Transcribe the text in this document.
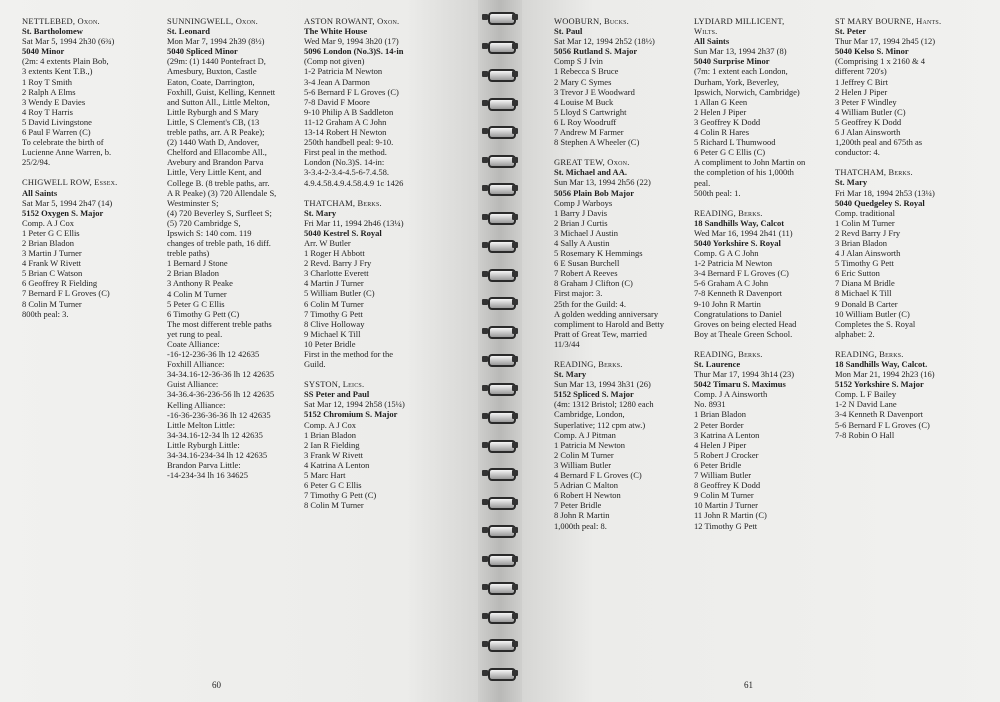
NETTLEBED, Oxon.
St. Bartholomew
Sat Mar 5, 1994 2h30 (6¾)
5040 Minor
(2m: 4 extents Plain Bob,
3 extents Kent T.B.,)
1 Roy T Smith
2 Ralph A Elms
3 Wendy E Davies
4 Roy T Harris
5 David Livingstone
6 Paul F Warren (C)
To celebrate the birth of
Lucienne Anne Warren, b.
25/2/94.
CHIGWELL ROW, Essex.
All Saints
Sat Mar 5, 1994 2h47 (14)
5152 Oxygen S. Major
Comp. A J Cox
1 Peter G C Ellis
2 Brian Bladon
3 Martin J Turner
4 Frank W Rivett
5 Brian C Watson
6 Geoffrey R Fielding
7 Bernard F L Groves (C)
8 Colin M Turner
800th peal: 3.
SUNNINGWELL, Oxon.
St. Leonard
Mon Mar 7, 1994 2h39 (8½)
5040 Spliced Minor
(29m: (1) 1440 Pontefract D,
Amesbury, Buxton, Castle
Eaton, Coate, Darrington,
Foxhill, Guist, Kelling, Kennett
and Sutton All., Little Melton,
Little Ryburgh and S Mary
Little, S Clement's CB, (13
treble paths, arr. A R Peake);
(2) 1440 Wath D, Andover,
Chelford and Ellacombe All.,
Avebury and Brandon Parva
Little, Very Little Kent, and
College B. (8 treble paths, arr.
A R Peake) (3) 720 Allendale S,
Westminster S;
(4) 720 Beverley S, Surfleet S;
(5) 720 Cambridge S,
Ipswich S: 140 com. 119
changes of treble path, 16 diff.
treble paths)
1 Bernard J Stone
2 Brian Bladon
3 Anthony R Peake
4 Colin M Turner
5 Peter G C Ellis
6 Timothy G Pett (C)
The most different treble paths
yet rung to peal.
Coate Alliance:
-16-12-236-36 lh 12 42635
Foxhill Alliance:
34-34.16-12-36-36 lh 12 42635
Guist Alliance:
34-36.4-36-236-56 lh 12 42635
Kelling Alliance:
-16-36-236-36-36 lh 12 42635
Little Melton Little:
34-34.16-12-34 lh 12 42635
Little Ryburgh Little:
34-34.16-234-34 lh 12 42635
Brandon Parva Little:
-14-234-34 lh 16 34625
ASTON ROWANT, Oxon.
The White House
Wed Mar 9, 1994 3h20 (17)
5096 London (No.3)S. 14-in
(Comp not given)
1-2 Patricia M Newton
3-4 Jean A Darmon
5-6 Bernard F L Groves (C)
7-8 David F Moore
9-10 Philip A B Saddleton
11-12 Graham A C John
13-14 Robert H Newton
250th handbell peal: 9-10.
First peal in the method.
London (No.3)S. 14-in:
3-3.4-2-3.4-4.5-6-7.4.58.
4.9.4.58.4.9.4.58.4.9 1c 1426
THATCHAM, Berks.
St. Mary
Fri Mar 11, 1994 2h46 (13¼)
5040 Kestrel S. Royal
Arr. W Butler
1 Roger H Abbott
2 Revd. Barry J Fry
3 Charlotte Everett
4 Martin J Turner
5 William Butler (C)
6 Colin M Turner
7 Timothy G Pett
8 Clive Holloway
9 Michael K Till
10 Peter Bridle
First in the method for the
Guild.
SYSTON, Leics.
SS Peter and Paul
Sat Mar 12, 1994 2h58 (15¼)
5152 Chromium S. Major
Comp. A J Cox
1 Brian Bladon
2 Ian R Fielding
3 Frank W Rivett
4 Katrina A Lenton
5 Marc Hart
6 Peter G C Ellis
7 Timothy G Pett (C)
8 Colin M Turner
60
WOOBURN, Bucks.
St. Paul
Sat Mar 12, 1994 2h52 (18½)
5056 Rutland S. Major
Comp S J Ivin
1 Rebecca S Bruce
2 Mary C Symes
3 Trevor J E Woodward
4 Louise M Buck
5 Lloyd S Cartwright
6 L Roy Woodruff
7 Andrew M Farmer
8 Stephen A Wheeler (C)
GREAT TEW, Oxon.
St. Michael and AA.
Sun Mar 13, 1994 2h56 (22)
5056 Plain Bob Major
Comp J Warboys
1 Barry J Davis
2 Brian J Curtis
3 Michael J Austin
4 Sally A Austin
5 Rosemary K Hemmings
6 E Susan Burchell
7 Robert A Reeves
8 Graham J Clifton (C)
First major: 3.
25th for the Guild: 4.
A golden wedding anniversary
compliment to Harold and Betty
Pratt of Great Tew, married
11/3/44
READING, Berks.
St. Mary
Sun Mar 13, 1994 3h31 (26)
5152 Spliced S. Major
(4m: 1312 Bristol; 1280 each
Cambridge, London,
Superlative; 112 cpm atw.)
Comp. A J Pitman
1 Patricia M Newton
2 Colin M Turner
3 William Butler
4 Bernard F L Groves (C)
5 Adrian C Malton
6 Robert H Newton
7 Peter Bridle
8 John R Martin
1,000th peal: 8.
LYDIARD MILLICENT,
Wilts.
All Saints
Sun Mar 13, 1994 2h37 (8)
5040 Surprise Minor
(7m: 1 extent each London,
Durham, York, Beverley,
Ipswich, Norwich, Cambridge)
1 Allan G Keen
2 Helen J Piper
3 Geoffrey K Dodd
4 Colin R Hares
5 Richard L Thumwood
6 Peter G C Ellis (C)
A compliment to John Martin on
the completion of his 1,000th
peal.
500th peal: 1.
READING, Berks.
18 Sandhills Way, Calcot
Wed Mar 16, 1994 2h41 (11)
5040 Yorkshire S. Royal
Comp. G A C John
1-2 Patricia M Newton
3-4 Bernard F L Groves (C)
5-6 Graham A C John
7-8 Kenneth R Davenport
9-10 John R Martin
Congratulations to Daniel
Groves on being elected Head
Boy at Theale Green School.
READING, Berks.
St. Laurence
Thur Mar 17, 1994 3h14 (23)
5042 Timaru S. Maximus
Comp. J A Ainsworth
No. 8931
1 Brian Bladon
2 Peter Border
3 Katrina A Lenton
4 Helen J Piper
5 Robert J Crocker
6 Peter Bridle
7 William Butler
8 Geoffrey K Dodd
9 Colin M Turner
10 Martin J Turner
11 John R Martin (C)
12 Timothy G Pett
ST MARY BOURNE, Hants.
St. Peter
Thur Mar 17, 1994 2h45 (12)
5040 Kelso S. Minor
(Comprising 1 x 2160 & 4
different 720's)
1 Jeffrey C Birt
2 Helen J Piper
3 Peter F Windley
4 William Butler (C)
5 Geoffrey K Dodd
6 J Alan Ainsworth
1,200th peal and 675th as
conductor: 4.
THATCHAM, Berks.
St. Mary
Fri Mar 18, 1994 2h53 (13¼)
5040 Quedgeley S. Royal
Comp. traditional
1 Colin M Turner
2 Revd Barry J Fry
3 Brian Bladon
4 J Alan Ainsworth
5 Timothy G Pett
6 Eric Sutton
7 Diana M Bridle
8 Michael K Till
9 Donald B Carter
10 William Butler (C)
Completes the S. Royal
alphabet: 2.
READING, Berks.
18 Sandhills Way, Calcot.
Mon Mar 21, 1994 2h23 (16)
5152 Yorkshire S. Major
Comp. L F Bailey
1-2 N David Lane
3-4 Kenneth R Davenport
5-6 Bernard F L Groves (C)
7-8 Robin O Hall
61
